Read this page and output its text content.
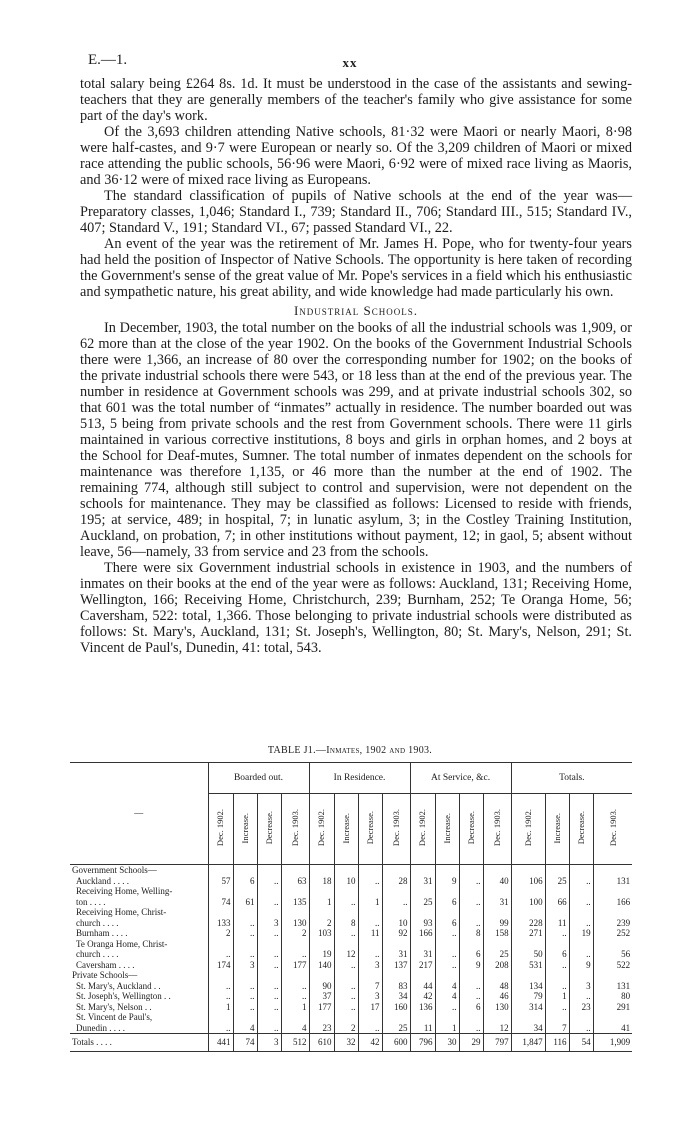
E.—1.	xx

total salary being £264 8s. 1d. It must be understood in the case of the assistants and sewing-teachers that they are generally members of the teacher's family who give assistance for some part of the day's work.

Of the 3,693 children attending Native schools, 81·32 were Maori or nearly Maori, 8·98 were half-castes, and 9·7 were European or nearly so. Of the 3,209 children of Maori or mixed race attending the public schools, 56·96 were Maori, 6·92 were of mixed race living as Maoris, and 36·12 were of mixed race living as Europeans.

The standard classification of pupils of Native schools at the end of the year was—Preparatory classes, 1,046; Standard I., 739; Standard II., 706; Standard III., 515; Standard IV., 407; Standard V., 191; Standard VI., 67; passed Standard VI., 22.

An event of the year was the retirement of Mr. James H. Pope, who for twenty-four years had held the position of Inspector of Native Schools. The opportunity is here taken of recording the Government's sense of the great value of Mr. Pope's services in a field which his enthusiastic and sympathetic nature, his great ability, and wide knowledge had made particularly his own.

Industrial Schools.

In December, 1903, the total number on the books of all the industrial schools was 1,909, or 62 more than at the close of the year 1902. On the books of the Government Industrial Schools there were 1,366, an increase of 80 over the corresponding number for 1902; on the books of the private industrial schools there were 543, or 18 less than at the end of the previous year. The number in residence at Government schools was 299, and at private industrial schools 302, so that 601 was the total number of “inmates” actually in residence. The number boarded out was 513, 5 being from private schools and the rest from Government schools. There were 11 girls maintained in various corrective institutions, 8 boys and girls in orphan homes, and 2 boys at the School for Deaf-mutes, Sumner. The total number of inmates dependent on the schools for maintenance was therefore 1,135, or 46 more than the number at the end of 1902. The remaining 774, although still subject to control and supervision, were not dependent on the schools for maintenance. They may be classified as follows: Licensed to reside with friends, 195; at service, 489; in hospital, 7; in lunatic asylum, 3; in the Costley Training Institution, Auckland, on probation, 7; in other institutions without payment, 12; in gaol, 5; absent without leave, 56—namely, 33 from service and 23 from the schools.

There were six Government industrial schools in existence in 1903, and the numbers of inmates on their books at the end of the year were as follows: Auckland, 131; Receiving Home, Wellington, 166; Receiving Home, Christchurch, 239; Burnham, 252; Te Oranga Home, 56; Caversham, 522: total, 1,366. Those belonging to private industrial schools were distributed as follows: St. Mary's, Auckland, 131; St. Joseph's, Wellington, 80; St. Mary's, Nelson, 291; St. Vincent de Paul's, Dunedin, 41: total, 543.

TABLE J1.—Inmates, 1902 and 1903.
—	Boarded out.				In Residence.				At Service, &c.				Totals.			
	Dec. 1902.	Increase.	Decrease.	Dec. 1903.	Dec. 1902.	Increase.	Decrease.	Dec. 1903.	Dec. 1902.	Increase.	Decrease.	Dec. 1903.	Dec. 1902.	Increase.	Decrease.	Dec. 1903.
Government Schools—																
Auckland . . . .	57	6	..	63	18	10	..	28	31	9	..	40	106	25	..	131
Receiving Home, Welling-																
ton . . . .	74	61	..	135	1	..	1	..	25	6	..	31	100	66	..	166
Receiving Home, Christ-																
church . . . .	133	..	3	130	2	8	..	10	93	6	..	99	228	11	..	239
Burnham . . . .	2	..	..	2	103	..	11	92	166	..	8	158	271	..	19	252
Te Oranga Home, Christ-																
church . . . .	..	..	..	..	19	12	..	31	31	..	6	25	50	6	..	56
Caversham . . . .	174	3	..	177	140	..	3	137	217	..	9	208	531	..	9	522
Private Schools—																
St. Mary's, Auckland . .	..	..	..	..	90	..	7	83	44	4	..	48	134	..	3	131
St. Joseph's, Wellington . .	..	..	..	..	37	..	3	34	42	4	..	46	79	1	..	80
St. Mary's, Nelson . .	1	..	..	1	177	..	17	160	136	..	6	130	314	..	23	291
St. Vincent de Paul's,																
Dunedin . . . .	..	4	..	4	23	2	..	25	11	1	..	12	34	7	..	41
Totals . . . .	441	74	3	512	610	32	42	600	796	30	29	797	1,847	116	54	1,909
